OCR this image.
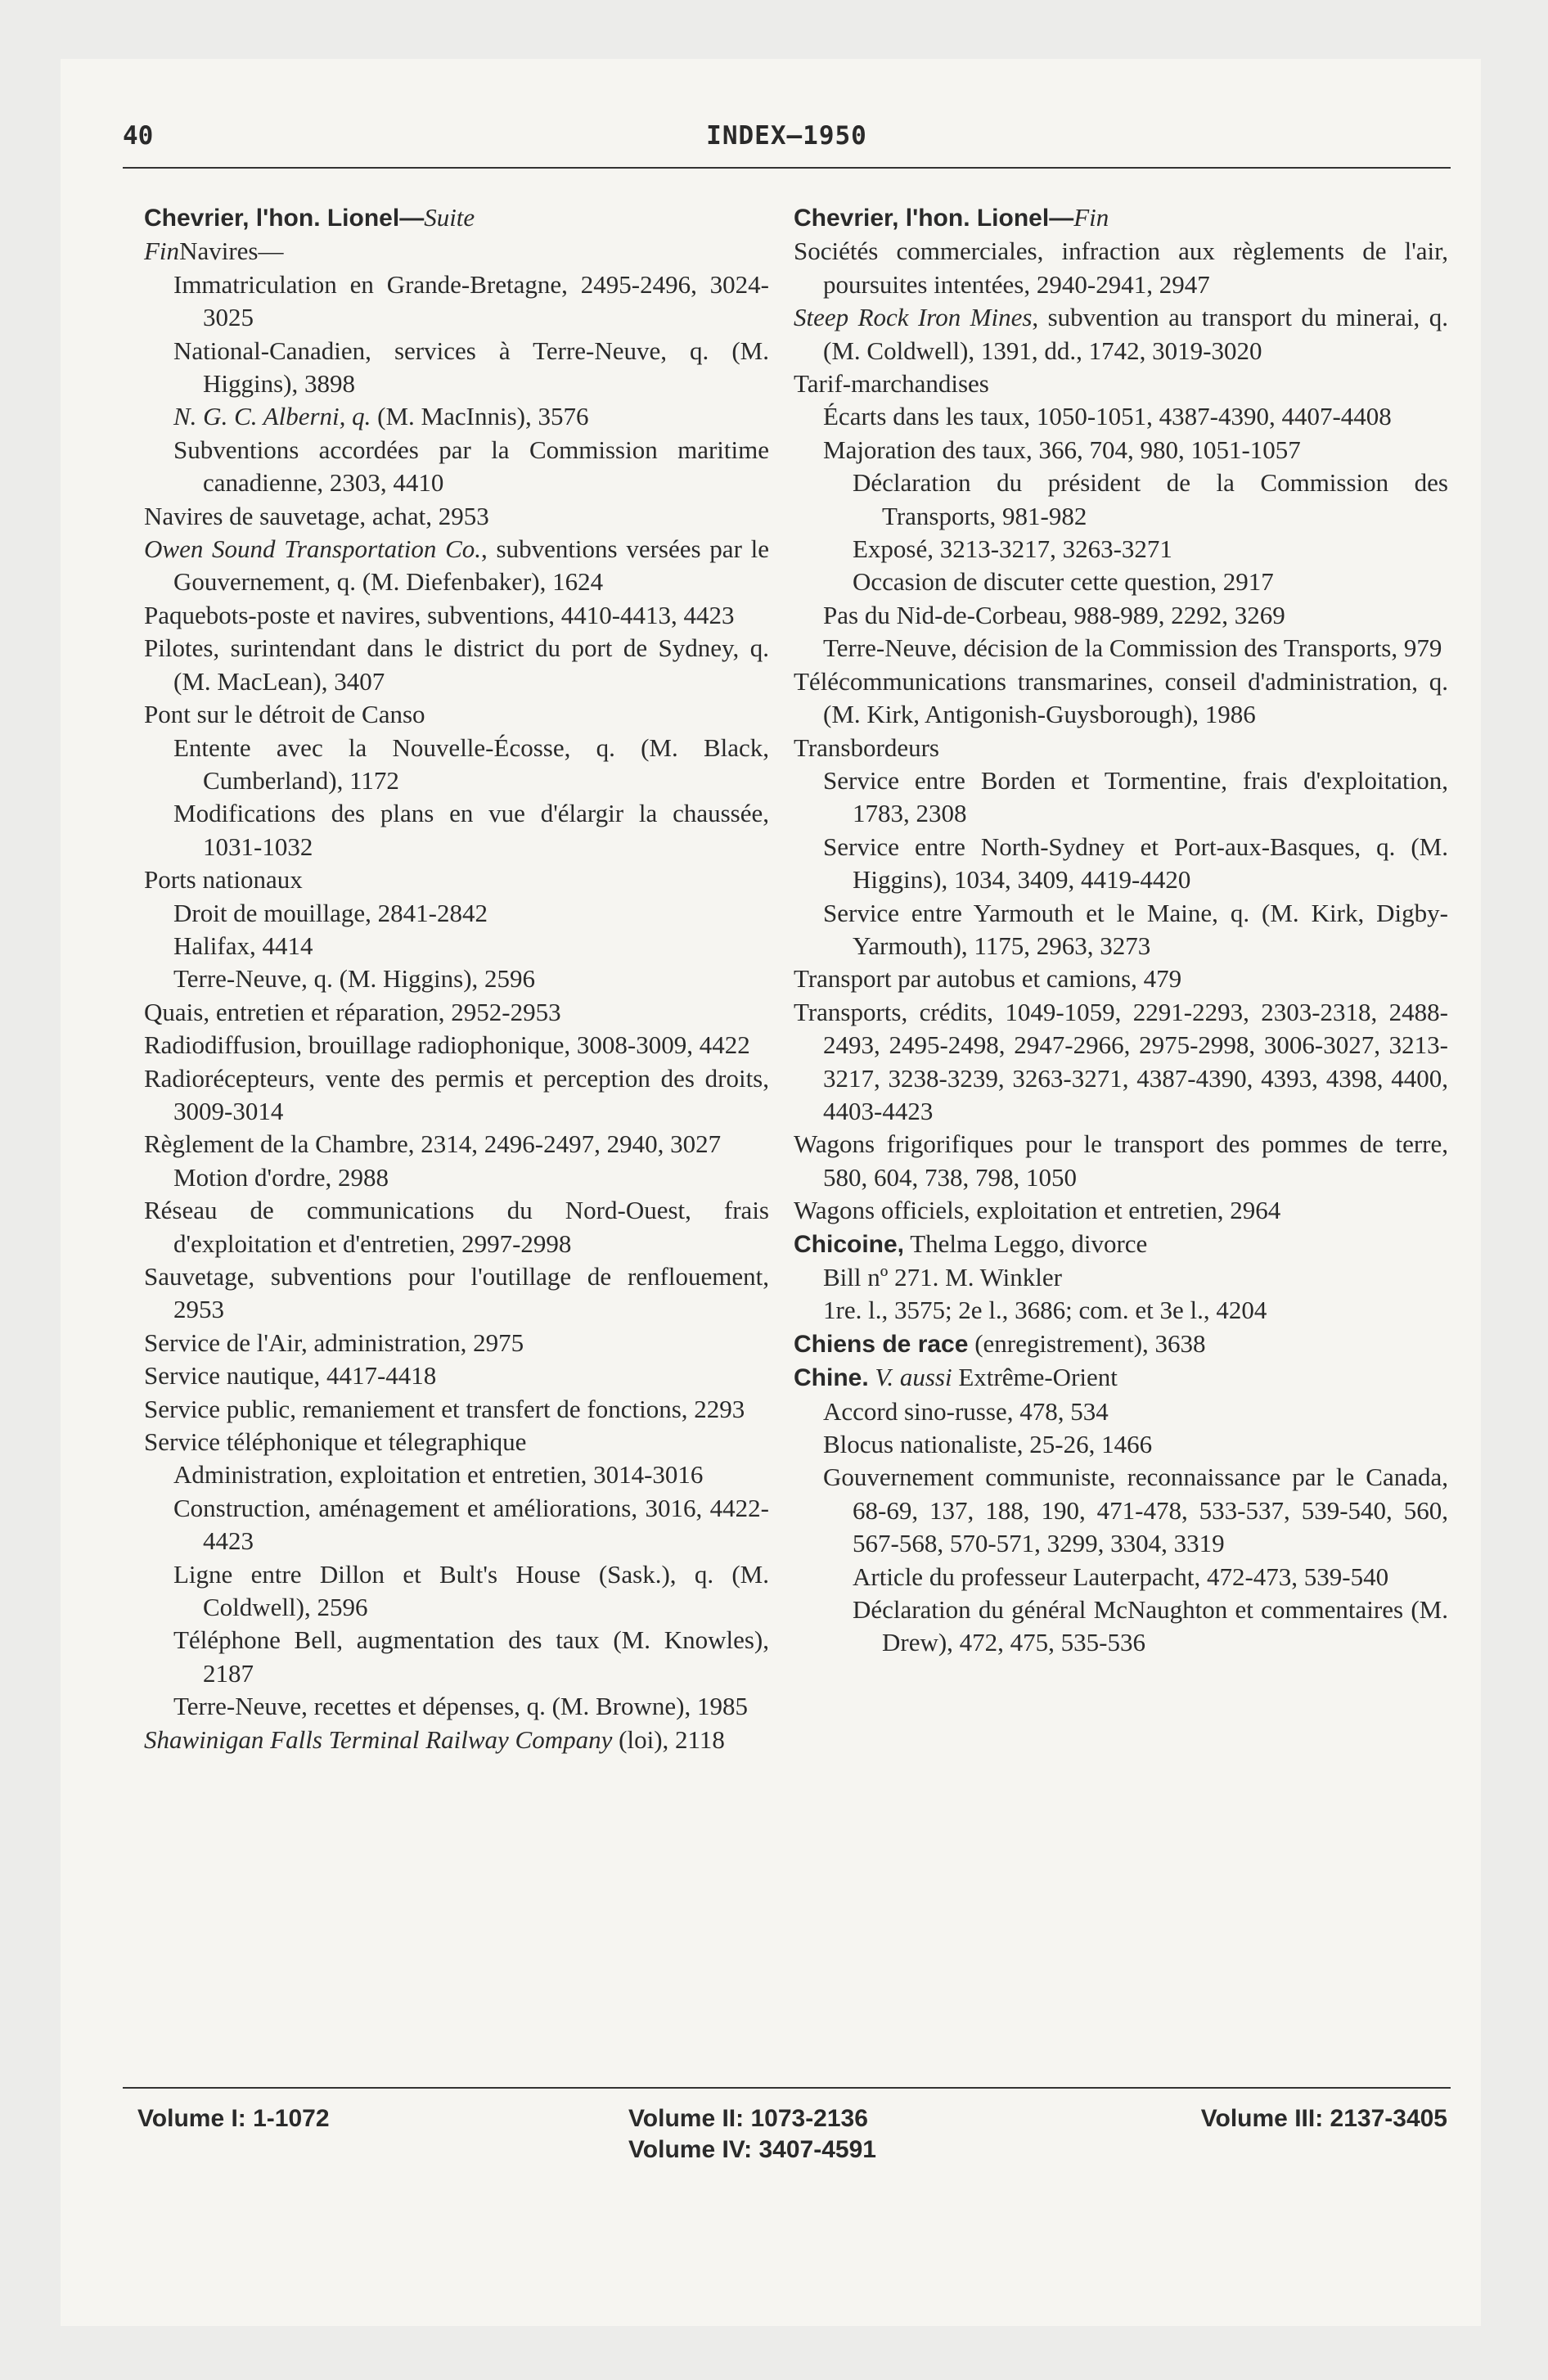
40	INDEX—1950
Chevrier, l'hon. Lionel—Suite
FinNavires—
Immatriculation en Grande-Bretagne, 2495-2496, 3024-3025
National-Canadien, services à Terre-Neuve, q. (M. Higgins), 3898
N. G. C. Alberni, q. (M. MacInnis), 3576
Subventions accordées par la Commission maritime canadienne, 2303, 4410
Navires de sauvetage, achat, 2953
Owen Sound Transportation Co., subventions versées par le Gouvernement, q. (M. Diefenbaker), 1624
Paquebots-poste et navires, subventions, 4410-4413, 4423
Pilotes, surintendant dans le district du port de Sydney, q. (M. MacLean), 3407
Pont sur le détroit de Canso
Entente avec la Nouvelle-Écosse, q. (M. Black, Cumberland), 1172
Modifications des plans en vue d'élargir la chaussée, 1031-1032
Ports nationaux
Droit de mouillage, 2841-2842
Halifax, 4414
Terre-Neuve, q. (M. Higgins), 2596
Quais, entretien et réparation, 2952-2953
Radiodiffusion, brouillage radiophonique, 3008-3009, 4422
Radiorécepteurs, vente des permis et perception des droits, 3009-3014
Règlement de la Chambre, 2314, 2496-2497, 2940, 3027
Motion d'ordre, 2988
Réseau de communications du Nord-Ouest, frais d'exploitation et d'entretien, 2997-2998
Sauvetage, subventions pour l'outillage de renflouement, 2953
Service de l'Air, administration, 2975
Service nautique, 4417-4418
Service public, remaniement et transfert de fonctions, 2293
Service téléphonique et télegraphique
Administration, exploitation et entretien, 3014-3016
Construction, aménagement et améliorations, 3016, 4422-4423
Ligne entre Dillon et Bult's House (Sask.), q. (M. Coldwell), 2596
Téléphone Bell, augmentation des taux (M. Knowles), 2187
Terre-Neuve, recettes et dépenses, q. (M. Browne), 1985
Shawinigan Falls Terminal Railway Company (loi), 2118
Chevrier, l'hon. Lionel—Fin
Sociétés commerciales, infraction aux règlements de l'air, poursuites intentées, 2940-2941, 2947
Steep Rock Iron Mines, subvention au transport du minerai, q. (M. Coldwell), 1391, dd., 1742, 3019-3020
Tarif-marchandises
Écarts dans les taux, 1050-1051, 4387-4390, 4407-4408
Majoration des taux, 366, 704, 980, 1051-1057
Déclaration du président de la Commission des Transports, 981-982
Exposé, 3213-3217, 3263-3271
Occasion de discuter cette question, 2917
Pas du Nid-de-Corbeau, 988-989, 2292, 3269
Terre-Neuve, décision de la Commission des Transports, 979
Télécommunications transmarines, conseil d'administration, q. (M. Kirk, Antigonish-Guysborough), 1986
Transbordeurs
Service entre Borden et Tormentine, frais d'exploitation, 1783, 2308
Service entre North-Sydney et Port-aux-Basques, q. (M. Higgins), 1034, 3409, 4419-4420
Service entre Yarmouth et le Maine, q. (M. Kirk, Digby-Yarmouth), 1175, 2963, 3273
Transport par autobus et camions, 479
Transports, crédits, 1049-1059, 2291-2293, 2303-2318, 2488-2493, 2495-2498, 2947-2966, 2975-2998, 3006-3027, 3213-3217, 3238-3239, 3263-3271, 4387-4390, 4393, 4398, 4400, 4403-4423
Wagons frigorifiques pour le transport des pommes de terre, 580, 604, 738, 798, 1050
Wagons officiels, exploitation et entretien, 2964
Chicoine, Thelma Leggo, divorce
Bill nº 271. M. Winkler
1re. l., 3575; 2e l., 3686; com. et 3e l., 4204
Chiens de race (enregistrement), 3638
Chine. V. aussi Extrême-Orient
Accord sino-russe, 478, 534
Blocus nationaliste, 25-26, 1466
Gouvernement communiste, reconnaissance par le Canada, 68-69, 137, 188, 190, 471-478, 533-537, 539-540, 560, 567-568, 570-571, 3299, 3304, 3319
Article du professeur Lauterpacht, 472-473, 539-540
Déclaration du général McNaughton et commentaires (M. Drew), 472, 475, 535-536
Volume I: 1-1072	Volume II: 1073-2136
Volume IV: 3407-4591
Volume III: 2137-3405
